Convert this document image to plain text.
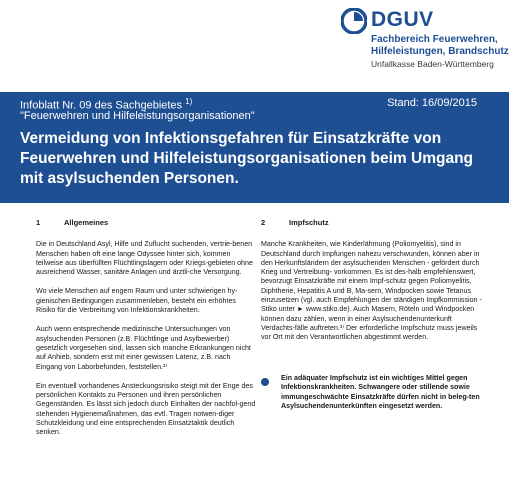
DGUV
Fachbereich Feuerwehren,
Hilfeleistungen, Brandschutz
Unfallkasse Baden-Württemberg
Infoblatt Nr. 09 des Sachgebietes $^{1)}$
"Feuerwehren und Hilfeleistungsorganisationen"
Stand: 16/09/2015
Vermeidung von Infektionsgefahren für Einsatzkräfte von Feuerwehren und Hilfeleistungsorganisationen beim Umgang mit asylsuchenden Personen.
1	Allgemeines

Die in Deutschland Asyl, Hilfe und Zuflucht suchenden, vertrie-benen Menschen haben oft eine lange Odyssee hinter sich, kommen teilweise aus überfüllten Flüchtlingslagern oder Kriegs-gebieten ohne ausreichend Wasser, sanitäre Anlagen und ärztli-che Versorgung.

Wo viele Menschen auf engem Raum und unter schwierigen hy-gienischen Bedingungen zusammenleben, besteht ein erhöhtes Risiko für die Verbreitung von Infektionskrankheiten.

Auch wenn entsprechende medizinische Untersuchungen von asylsuchenden Personen (z.B. Flüchtlinge und Asylbewerber) gesetzlich vorgesehen sind, lassen sich manche Erkrankungen nicht auf Anhieb, sondern erst mit einer gewissen Latenz, z.B. nach Eingang von Laborbefunden, feststellen.²⁾

Ein eventuell vorhandenes Ansteckungsrisiko steigt mit der Enge des persönlichen Kontakts zu Personen und ihren persönlichen Gegenständen. Es lässt sich jedoch durch Einhalten der nachfol-gend stehenden Hygienemaßnahmen, das evtl. Tragen notwen-diger Schutzkleidung und eine entsprechenden Einsatztaktik deutlich senken.

2	Impfschutz

Manche Krankheiten, wie Kinderlähmung (Poliomyelitis), sind in Deutschland durch Impfungen nahezu verschwunden, können aber in den Herkunftsländern der asylsuchenden Menschen - gefördert durch Krieg und Vertreibung- vorkommen. Es ist des-halb empfehlenswert, bevorzugt Einsatzkräfte mit einem Impf-schutz gegen Poliomyelitis, Diphtherie, Hepatitis A und B, Ma-sern, Windpocken sowie Tetanus einzusetzen (vgl. auch Empfehlungen der ständigen Impfkommission - Stiko unter ► www.stiko.de). Auch Masern, Röteln und Windpocken können dazu zählen, wenn in einer Asylsuchendenunterkunft Verdachts-fälle auftreten.³⁾ Der erforderliche Impfschutz muss jeweils vor Ort mit den Verantwortlichen abgestimmt werden.

Ein adäquater Impfschutz ist ein wichtiges Mittel gegen Infektionskrankheiten. Schwangere oder stillende sowie immungeschwächte Einsatzkräfte dürfen nicht in beleg-ten Asylsuchendenunterkünften eingesetzt werden.
